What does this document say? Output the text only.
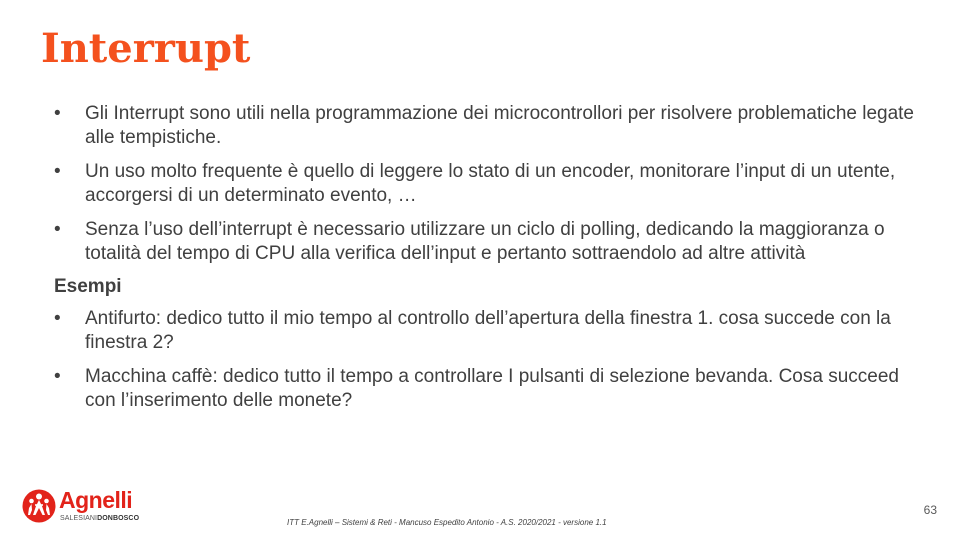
Interrupt
•	Gli Interrupt sono utili nella programmazione dei microcontrollori per risolvere problematiche legate alle tempistiche.
•	Un uso molto frequente è quello di leggere lo stato di un encoder, monitorare l’input di un utente, accorgersi di un determinato evento, …
•	Senza l’uso dell’interrupt è necessario utilizzare un ciclo di polling, dedicando la maggioranza o totalità del tempo di CPU alla verifica dell’input e pertanto sottraendolo ad altre attività
Esempi
•	Antifurto: dedico tutto il mio tempo al controllo dell’apertura della finestra 1. cosa succede con la finestra 2?
•	Macchina caffè: dedico tutto il tempo a controllare I pulsanti di selezione bevanda. Cosa succeed con l’inserimento delle monete?
Agnelli
SALESIANIDONBOSCO	ITT E.Agnelli – Sistemi & Reti - Mancuso Espedito Antonio - A.S. 2020/2021 - versione 1.1
63
